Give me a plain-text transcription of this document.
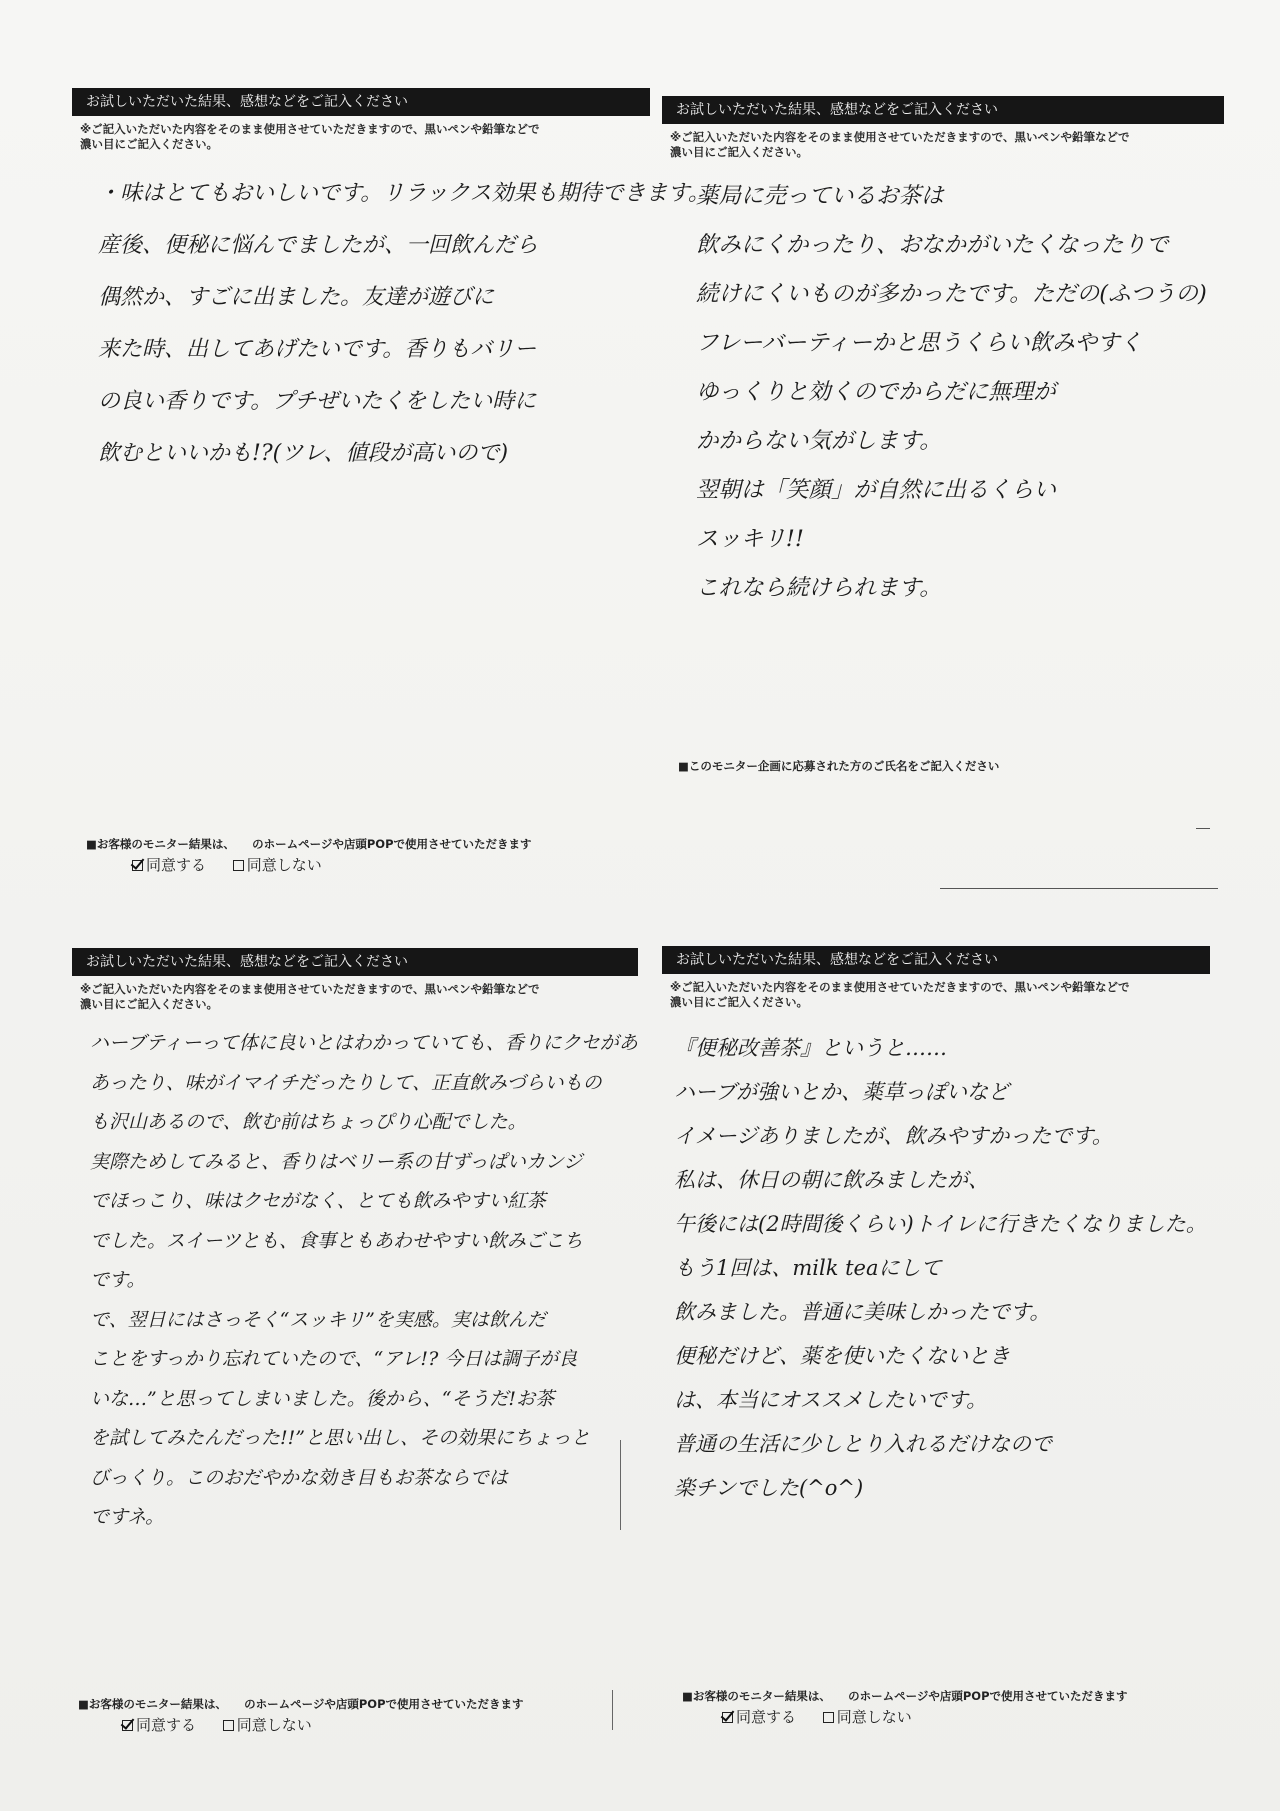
お試しいただいた結果、感想などをご記入ください
※ご記入いただいた内容をそのまま使用させていただきますので、黒いペンや鉛筆などで
濃い目にご記入ください。
・味はとてもおいしいです。リラックス効果も期待できます。
産後、便秘に悩んでましたが、一回飲んだら
偶然か、すごに出ました。友達が遊びに
来た時、出してあげたいです。香りもバリー
の良い香りです。プチぜいたくをしたい時に
飲むといいかも!?(ツレ、値段が高いので)
■お客様のモニター結果は、　　のホームページや店頭POPで使用させていただきます
同意する	同意しない
お試しいただいた結果、感想などをご記入ください
※ご記入いただいた内容をそのまま使用させていただきますので、黒いペンや鉛筆などで
濃い目にご記入ください。
薬局に売っているお茶は
飲みにくかったり、おなかがいたくなったりで
続けにくいものが多かったです。ただの(ふつうの)
フレーバーティーかと思うくらい飲みやすく
ゆっくりと効くのでからだに無理が
かからない気がします。
翌朝は「笑顔」が自然に出るくらい
スッキリ!!
これなら続けられます。
■このモニター企画に応募された方のご氏名をご記入ください
お試しいただいた結果、感想などをご記入ください
※ご記入いただいた内容をそのまま使用させていただきますので、黒いペンや鉛筆などで
濃い目にご記入ください。
ハーブティーって体に良いとはわかっていても、香りにクセがあ
あったり、味がイマイチだったりして、正直飲みづらいもの
も沢山あるので、飲む前はちょっぴり心配でした。
実際ためしてみると、香りはベリー系の甘ずっぱいカンジ
でほっこり、味はクセがなく、とても飲みやすい紅茶
でした。スイーツとも、食事ともあわせやすい飲みごこち
です。
で、翌日にはさっそく“スッキリ”を実感。実は飲んだ
ことをすっかり忘れていたので、“アレ!? 今日は調子が良
いな…”と思ってしまいました。後から、“そうだ!お茶
を試してみたんだった!!”と思い出し、その効果にちょっと
びっくり。このおだやかな効き目もお茶ならでは
ですネ。
■お客様のモニター結果は、　　のホームページや店頭POPで使用させていただきます
同意する	同意しない
お試しいただいた結果、感想などをご記入ください
※ご記入いただいた内容をそのまま使用させていただきますので、黒いペンや鉛筆などで
濃い目にご記入ください。
『便秘改善茶』というと……
ハーブが強いとか、薬草っぽいなど
イメージありましたが、飲みやすかったです。
私は、休日の朝に飲みましたが、
午後には(2時間後くらい)トイレに行きたくなりました。
もう1回は、milk teaにして
飲みました。普通に美味しかったです。
便秘だけど、薬を使いたくないとき
は、本当にオススメしたいです。
普通の生活に少しとり入れるだけなので
楽チンでした(^o^)
■お客様のモニター結果は、　　のホームページや店頭POPで使用させていただきます
同意する	同意しない
